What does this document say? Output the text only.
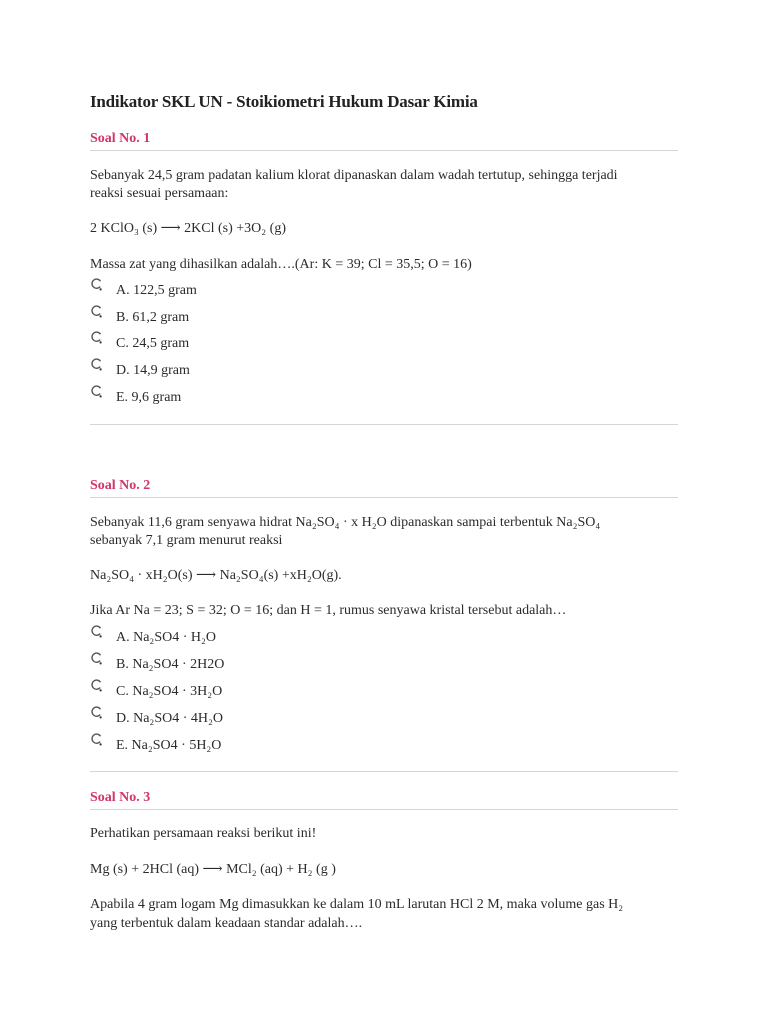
Indikator SKL UN - Stoikiometri Hukum Dasar Kimia
Soal No. 1

Sebanyak 24,5 gram padatan kalium klorat dipanaskan dalam wadah tertutup, sehingga terjadi

reaksi sesuai persamaan:

2 KClO₃ (s) ⟶ 2KCl (s) +3O₂ (g)

Massa zat yang dihasilkan adalah….(Ar: K = 39; Cl = 35,5; O = 16)

A. 122,5 gram
B. 61,2 gram
C. 24,5 gram
D. 14,9 gram
E. 9,6 gram
Soal No. 2

Sebanyak 11,6 gram senyawa hidrat Na₂SO₄ · x H₂O dipanaskan sampai terbentuk Na₂SO₄

sebanyak 7,1 gram menurut reaksi

Na₂SO₄ · xH₂O(s) ⟶ Na₂SO₄(s) +xH₂O(g).

Jika Ar Na = 23; S = 32; O = 16; dan H = 1, rumus senyawa kristal tersebut adalah…

A. Na₂SO4 · H₂O
B. Na₂SO4 · 2H2O
C. Na₂SO4 · 3H₂O
D. Na₂SO4 · 4H₂O
E. Na₂SO4 · 5H₂O
Soal No. 3

Perhatikan persamaan reaksi berikut ini!

Mg (s) + 2HCl (aq) ⟶ MCl₂ (aq) + H₂ (g )

Apabila 4 gram logam Mg dimasukkan ke dalam 10 mL larutan HCl 2 M, maka volume gas H₂

yang terbentuk dalam keadaan standar adalah….
